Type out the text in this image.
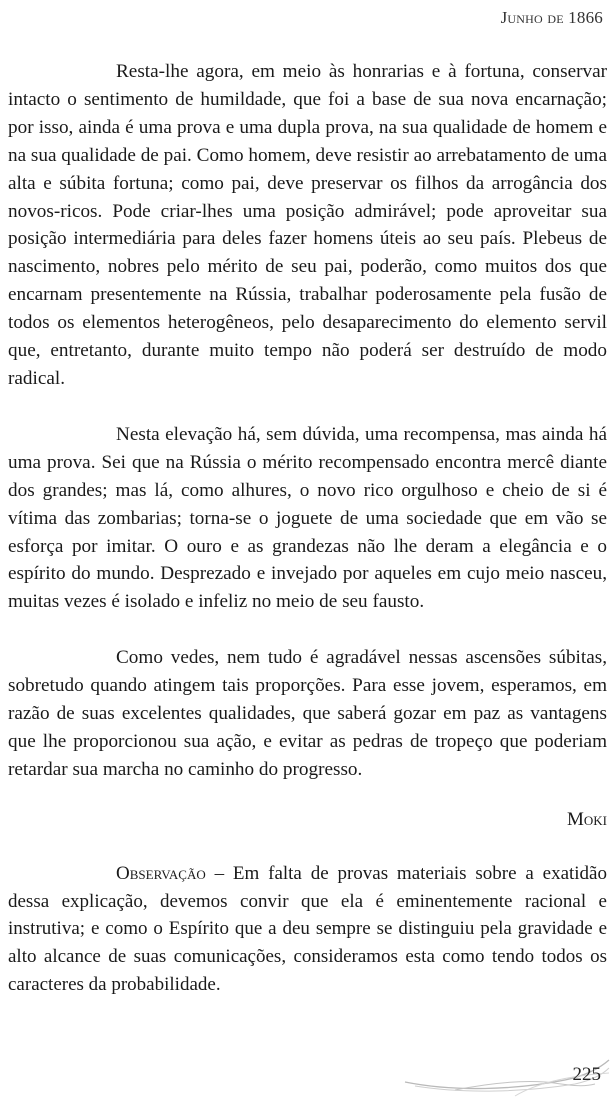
Junho de 1866

Resta-lhe agora, em meio às honrarias e à fortuna, conservar intacto o sentimento de humildade, que foi a base de sua nova encarnação; por isso, ainda é uma prova e uma dupla prova, na sua qualidade de homem e na sua qualidade de pai. Como homem, deve resistir ao arrebatamento de uma alta e súbita fortuna; como pai, deve preservar os filhos da arrogância dos novos-ricos. Pode criar-lhes uma posição admirável; pode aproveitar sua posição intermediária para deles fazer homens úteis ao seu país. Plebeus de nascimento, nobres pelo mérito de seu pai, poderão, como muitos dos que encarnam presentemente na Rússia, trabalhar poderosamente pela fusão de todos os elementos heterogêneos, pelo desaparecimento do elemento servil que, entretanto, durante muito tempo não poderá ser destruído de modo radical.

Nesta elevação há, sem dúvida, uma recompensa, mas ainda há uma prova. Sei que na Rússia o mérito recompensado encontra mercê diante dos grandes; mas lá, como alhures, o novo rico orgulhoso e cheio de si é vítima das zombarias; torna-se o joguete de uma sociedade que em vão se esforça por imitar. O ouro e as grandezas não lhe deram a elegância e o espírito do mundo. Desprezado e invejado por aqueles em cujo meio nasceu, muitas vezes é isolado e infeliz no meio de seu fausto.

Como vedes, nem tudo é agradável nessas ascensões súbitas, sobretudo quando atingem tais proporções. Para esse jovem, esperamos, em razão de suas excelentes qualidades, que saberá gozar em paz as vantagens que lhe proporcionou sua ação, e evitar as pedras de tropeço que poderiam retardar sua marcha no caminho do progresso.

Moki

Observação – Em falta de provas materiais sobre a exatidão dessa explicação, devemos convir que ela é eminentemente racional e instrutiva; e como o Espírito que a deu sempre se distinguiu pela gravidade e alto alcance de suas comunicações, consideramos esta como tendo todos os caracteres da probabilidade.

225
